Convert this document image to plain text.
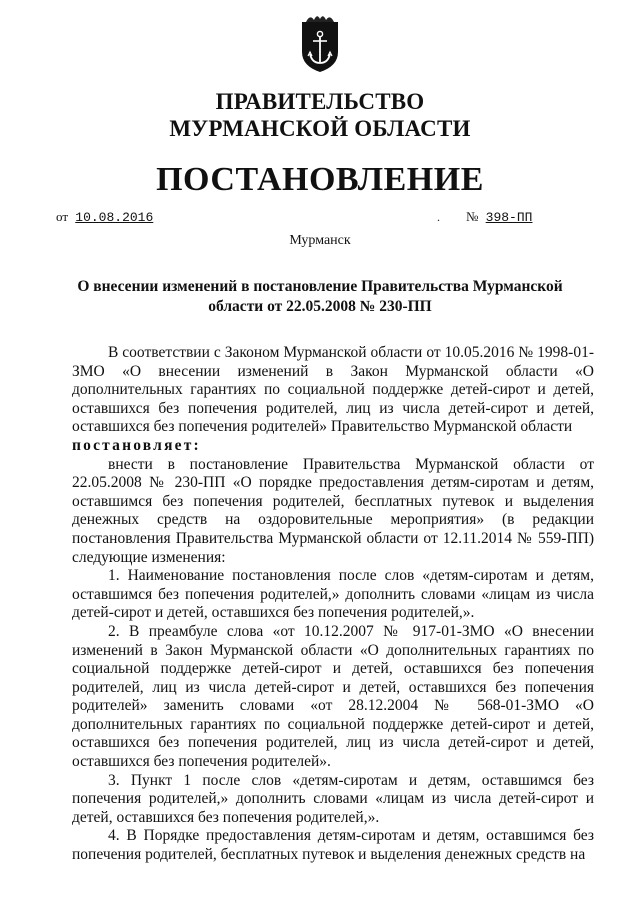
ПРАВИТЕЛЬСТВО
МУРМАНСКОЙ ОБЛАСТИ
ПОСТАНОВЛЕНИЕ
от 10.08.2016	. № 398-ПП
Мурманск
О внесении изменений в постановление Правительства Мурманской
области от 22.05.2008 № 230-ПП

В соответствии с Законом Мурманской области от 10.05.2016 № 1998-01-ЗМО «О внесении изменений в Закон Мурманской области «О дополнительных гарантиях по социальной поддержке детей-сирот и детей, оставшихся без попечения родителей, лиц из числа детей-сирот и детей, оставшихся без попечения родителей» Правительство Мурманской области

постановляет:

внести в постановление Правительства Мурманской области от 22.05.2008 № 230-ПП «О порядке предоставления детям-сиротам и детям, оставшимся без попечения родителей, бесплатных путевок и выделения денежных средств на оздоровительные мероприятия» (в редакции постановления Правительства Мурманской области от 12.11.2014 № 559-ПП) следующие изменения:

1. Наименование постановления после слов «детям-сиротам и детям, оставшимся без попечения родителей,» дополнить словами «лицам из числа детей-сирот и детей, оставшихся без попечения родителей,».

2. В преамбуле слова «от 10.12.2007 № 917-01-ЗМО «О внесении изменений в Закон Мурманской области «О дополнительных гарантиях по социальной поддержке детей-сирот и детей, оставшихся без попечения родителей, лиц из числа детей-сирот и детей, оставшихся без попечения родителей» заменить словами «от 28.12.2004 № 568-01-ЗМО «О дополнительных гарантиях по социальной поддержке детей-сирот и детей, оставшихся без попечения родителей, лиц из числа детей-сирот и детей, оставшихся без попечения родителей».

3. Пункт 1 после слов «детям-сиротам и детям, оставшимся без попечения родителей,» дополнить словами «лицам из числа детей-сирот и детей, оставшихся без попечения родителей,».

4. В Порядке предоставления детям-сиротам и детям, оставшимся без попечения родителей, бесплатных путевок и выделения денежных средств на
